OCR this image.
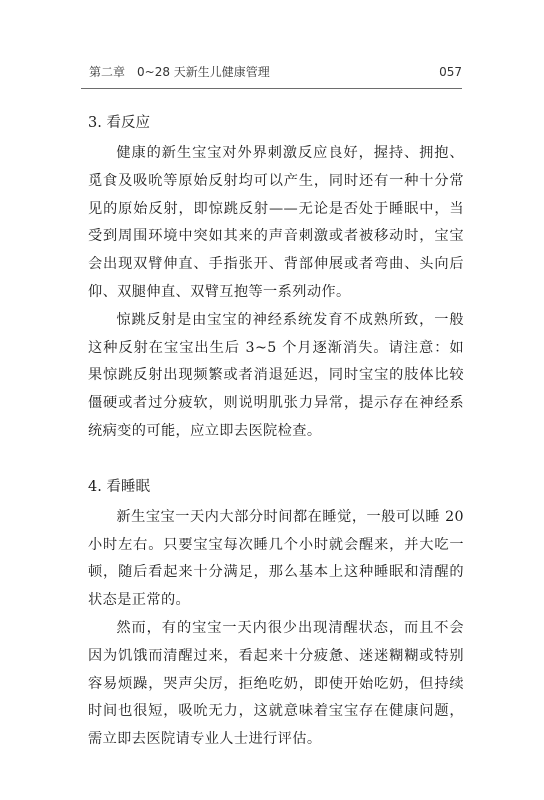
第二章　0~28 天新生儿健康管理	057
3. 看反应

健康的新生宝宝对外界刺激反应良好，握持、拥抱、觅食及吸吮等原始反射均可以产生，同时还有一种十分常见的原始反射，即惊跳反射——无论是否处于睡眠中，当受到周围环境中突如其来的声音刺激或者被移动时，宝宝会出现双臂伸直、手指张开、背部伸展或者弯曲、头向后仰、双腿伸直、双臂互抱等一系列动作。

惊跳反射是由宝宝的神经系统发育不成熟所致，一般这种反射在宝宝出生后 3~5 个月逐渐消失。请注意：如果惊跳反射出现频繁或者消退延迟，同时宝宝的肢体比较僵硬或者过分疲软，则说明肌张力异常，提示存在神经系统病变的可能，应立即去医院检查。

4. 看睡眠

新生宝宝一天内大部分时间都在睡觉，一般可以睡 20 小时左右。只要宝宝每次睡几个小时就会醒来，并大吃一顿，随后看起来十分满足，那么基本上这种睡眠和清醒的状态是正常的。

然而，有的宝宝一天内很少出现清醒状态，而且不会因为饥饿而清醒过来，看起来十分疲惫、迷迷糊糊或特别容易烦躁，哭声尖厉，拒绝吃奶，即使开始吃奶，但持续时间也很短，吸吮无力，这就意味着宝宝存在健康问题，需立即去医院请专业人士进行评估。
